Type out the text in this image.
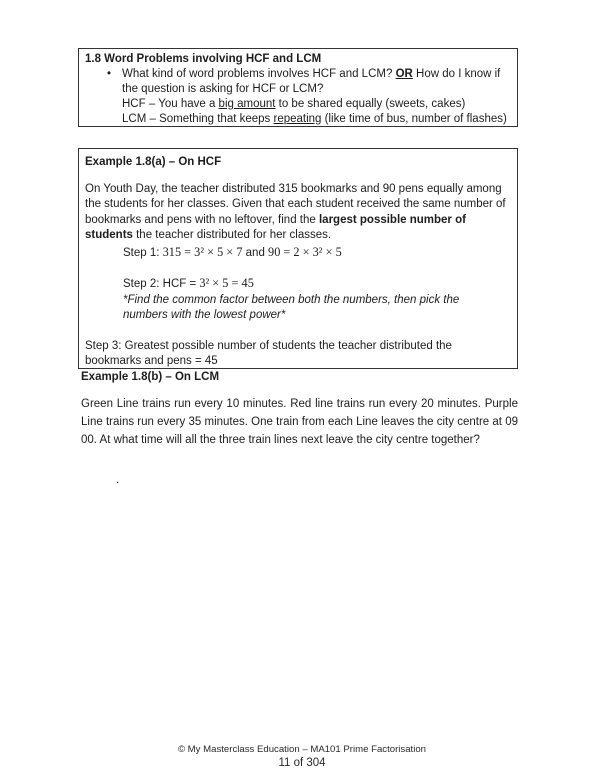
1.8 Word Problems involving HCF and LCM
• What kind of word problems involves HCF and LCM? OR How do I know if the question is asking for HCF or LCM?
HCF – You have a big amount to be shared equally (sweets, cakes)
LCM – Something that keeps repeating (like time of bus, number of flashes)
Example 1.8(a) – On HCF
On Youth Day, the teacher distributed 315 bookmarks and 90 pens equally among the students for her classes. Given that each student received the same number of bookmarks and pens with no leftover, find the largest possible number of students the teacher distributed for her classes.
Step 1: 315 = 3² × 5 × 7 and 90 = 2 × 3² × 5
Step 2: HCF = 3² × 5 = 45
*Find the common factor between both the numbers, then pick the numbers with the lowest power*
Step 3: Greatest possible number of students the teacher distributed the bookmarks and pens = 45
Example 1.8(b) – On LCM
Green Line trains run every 10 minutes. Red line trains run every 20 minutes. Purple Line trains run every 35 minutes. One train from each Line leaves the city centre at 09 00. At what time will all the three train lines next leave the city centre together?
.
© My Masterclass Education – MA101 Prime Factorisation
11 of 304
